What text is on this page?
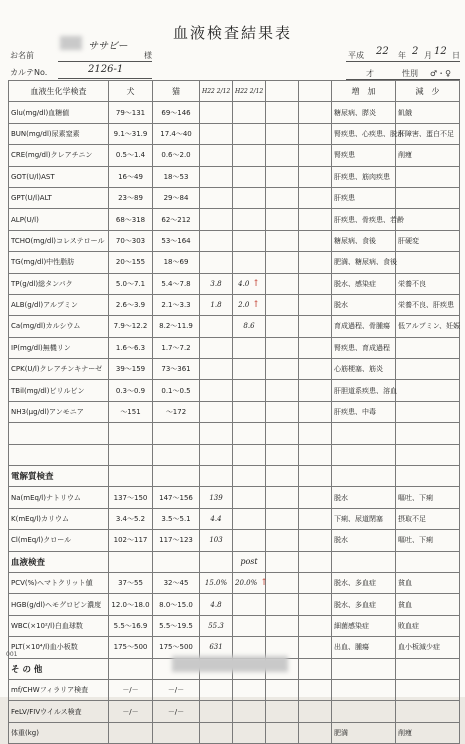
血液検査結果表
お名前
ササビー
様
カルテNo.	2126-1
平成 22 年 2 月 12 日
才	性別 ♂・♀
血液生化学検査	犬	猫	H22 2/12	H22 2/12			増　加	減　少
Glu(mg/dl)血糖値	79～131	69～146					糖尿病、膵炎	飢餓
BUN(mg/dl)尿素窒素	9.1～31.9	17.4～40					腎疾患、心疾患、脱水	肝障害、蛋白不足
CRE(mg/dl)クレアチニン	0.5～1.4	0.6～2.0					腎疾患	削痩
GOT(U/l)AST	16～49	18～53					肝疾患、筋肉疾患	
GPT(U/l)ALT	23～89	29～84					肝疾患	
ALP(U/l)	68～318	62～212					肝疾患、骨疾患、若齢	
TCHO(mg/dl)コレステロール	70～303	53～164					糖尿病、食後	肝硬変
TG(mg/dl)中性脂肪	20～155	18～69					肥満、糖尿病、食後	
TP(g/dl)総タンパク	5.0～7.1	5.4～7.8	3.8	4.0 ↑			脱水、感染症	栄養不良
ALB(g/dl)アルブミン	2.6～3.9	2.1～3.3	1.8	2.0 ↑			脱水	栄養不良、肝疾患
Ca(mg/dl)カルシウム	7.9～12.2	8.2～11.9		8.6			育成過程、骨腫瘍	低アルブミン、妊娠
IP(mg/dl)無機リン	1.6～6.3	1.7～7.2					腎疾患、育成過程	
CPK(U/l)クレアチンキナーゼ	39～159	73～361					心筋梗塞、筋炎	
TBil(mg/dl)ビリルビン	0.3～0.9	0.1～0.5					肝胆道系疾患、溶血	
NH3(μg/dl)アンモニア	～151	～172					肝疾患、中毒	

電解質検査								
Na(mEq/l)ナトリウム	137～150	147～156	139				脱水	嘔吐、下痢
K(mEq/l)カリウム	3.4～5.2	3.5～5.1	4.4				下痢、尿道閉塞	摂取不足
Cl(mEq/l)クロール	102～117	117～123	103				脱水	嘔吐、下痢
血液検査				post				
PCV(%)ヘマトクリット値	37～55	32～45	15.0%	20.0% ↑			脱水、多血症	貧血
HGB(g/dl)ヘモグロビン濃度	12.0～18.0	8.0～15.0	4.8				脱水、多血症	貧血
WBC(×10²/l)白血球数	5.5～16.9	5.5～19.5	55.3				細菌感染症	敗血症
PLT(×10⁴/l)血小板数	175～500	175～500	631				出血、腫瘍	血小板減少症
そ の 他								
mf/CHWフィラリア検査	－/－	－/－						
FeLV/FIVウイルス検査	－/－	－/－						
体重(kg)							肥満	削痩
001
